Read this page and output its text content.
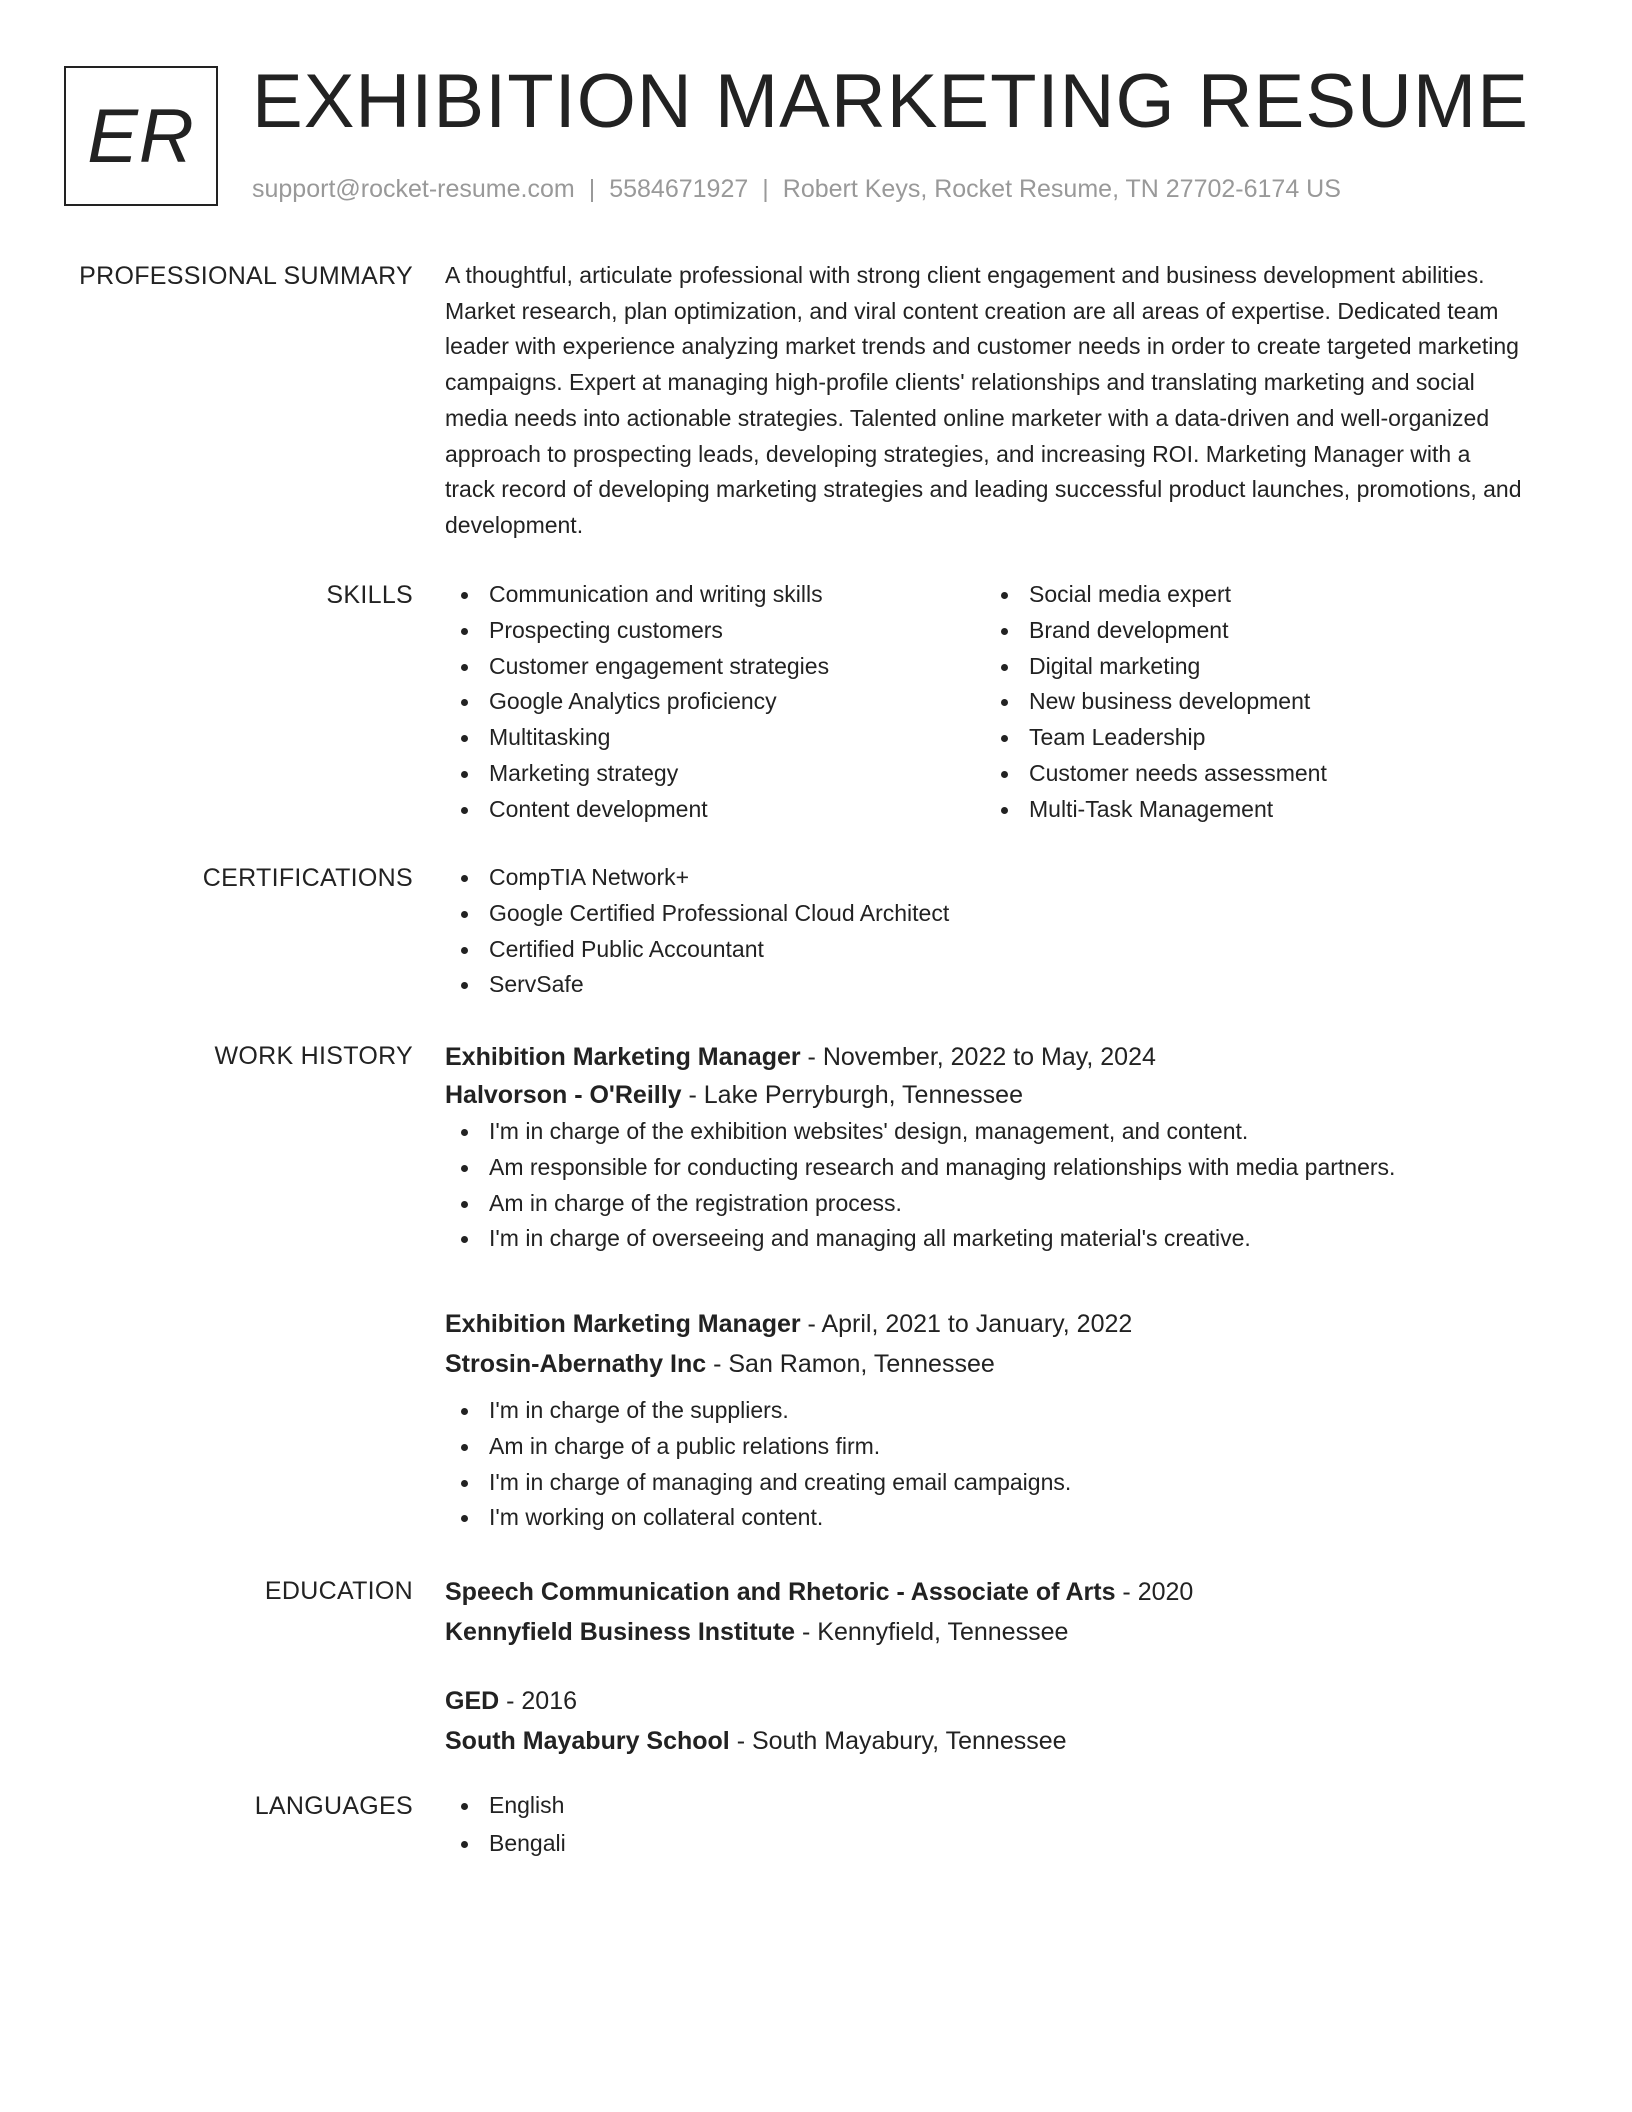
ER EXHIBITION MARKETING RESUME
support@rocket-resume.com | 5584671927 | Robert Keys, Rocket Resume, TN 27702-6174 US
PROFESSIONAL SUMMARY A thoughtful, articulate professional with strong client engagement and business development abilities. Market research, plan optimization, and viral content creation are all areas of expertise. Dedicated team leader with experience analyzing market trends and customer needs in order to create targeted marketing campaigns. Expert at managing high-profile clients' relationships and translating marketing and social media needs into actionable strategies. Talented online marketer with a data-driven and well-organized approach to prospecting leads, developing strategies, and increasing ROI. Marketing Manager with a track record of developing marketing strategies and leading successful product launches, promotions, and development.

SKILLS	Communication and writing skills
Prospecting customers
Customer engagement strategies
Google Analytics proficiency
Multitasking
Marketing strategy
Content development
Social media expert
Brand development
Digital marketing
New business development
Team Leadership
Customer needs assessment
Multi-Task Management
CERTIFICATIONS	CompTIA Network+
Google Certified Professional Cloud Architect
Certified Public Accountant
ServSafe
WORK HISTORY Exhibition Marketing Manager - November, 2022 to May, 2024
Halvorson - O'Reilly - Lake Perryburgh, Tennessee
I'm in charge of the exhibition websites' design, management, and content.
Am responsible for conducting research and managing relationships with media partners.
Am in charge of the registration process.
I'm in charge of overseeing and managing all marketing material's creative.
Exhibition Marketing Manager - April, 2021 to January, 2022
Strosin-Abernathy Inc - San Ramon, Tennessee
I'm in charge of the suppliers.
Am in charge of a public relations firm.
I'm in charge of managing and creating email campaigns.
I'm working on collateral content.
EDUCATION Speech Communication and Rhetoric - Associate of Arts - 2020
Kennyfield Business Institute - Kennyfield, Tennessee
GED - 2016
South Mayabury School - South Mayabury, Tennessee
LANGUAGES	English
Bengali
